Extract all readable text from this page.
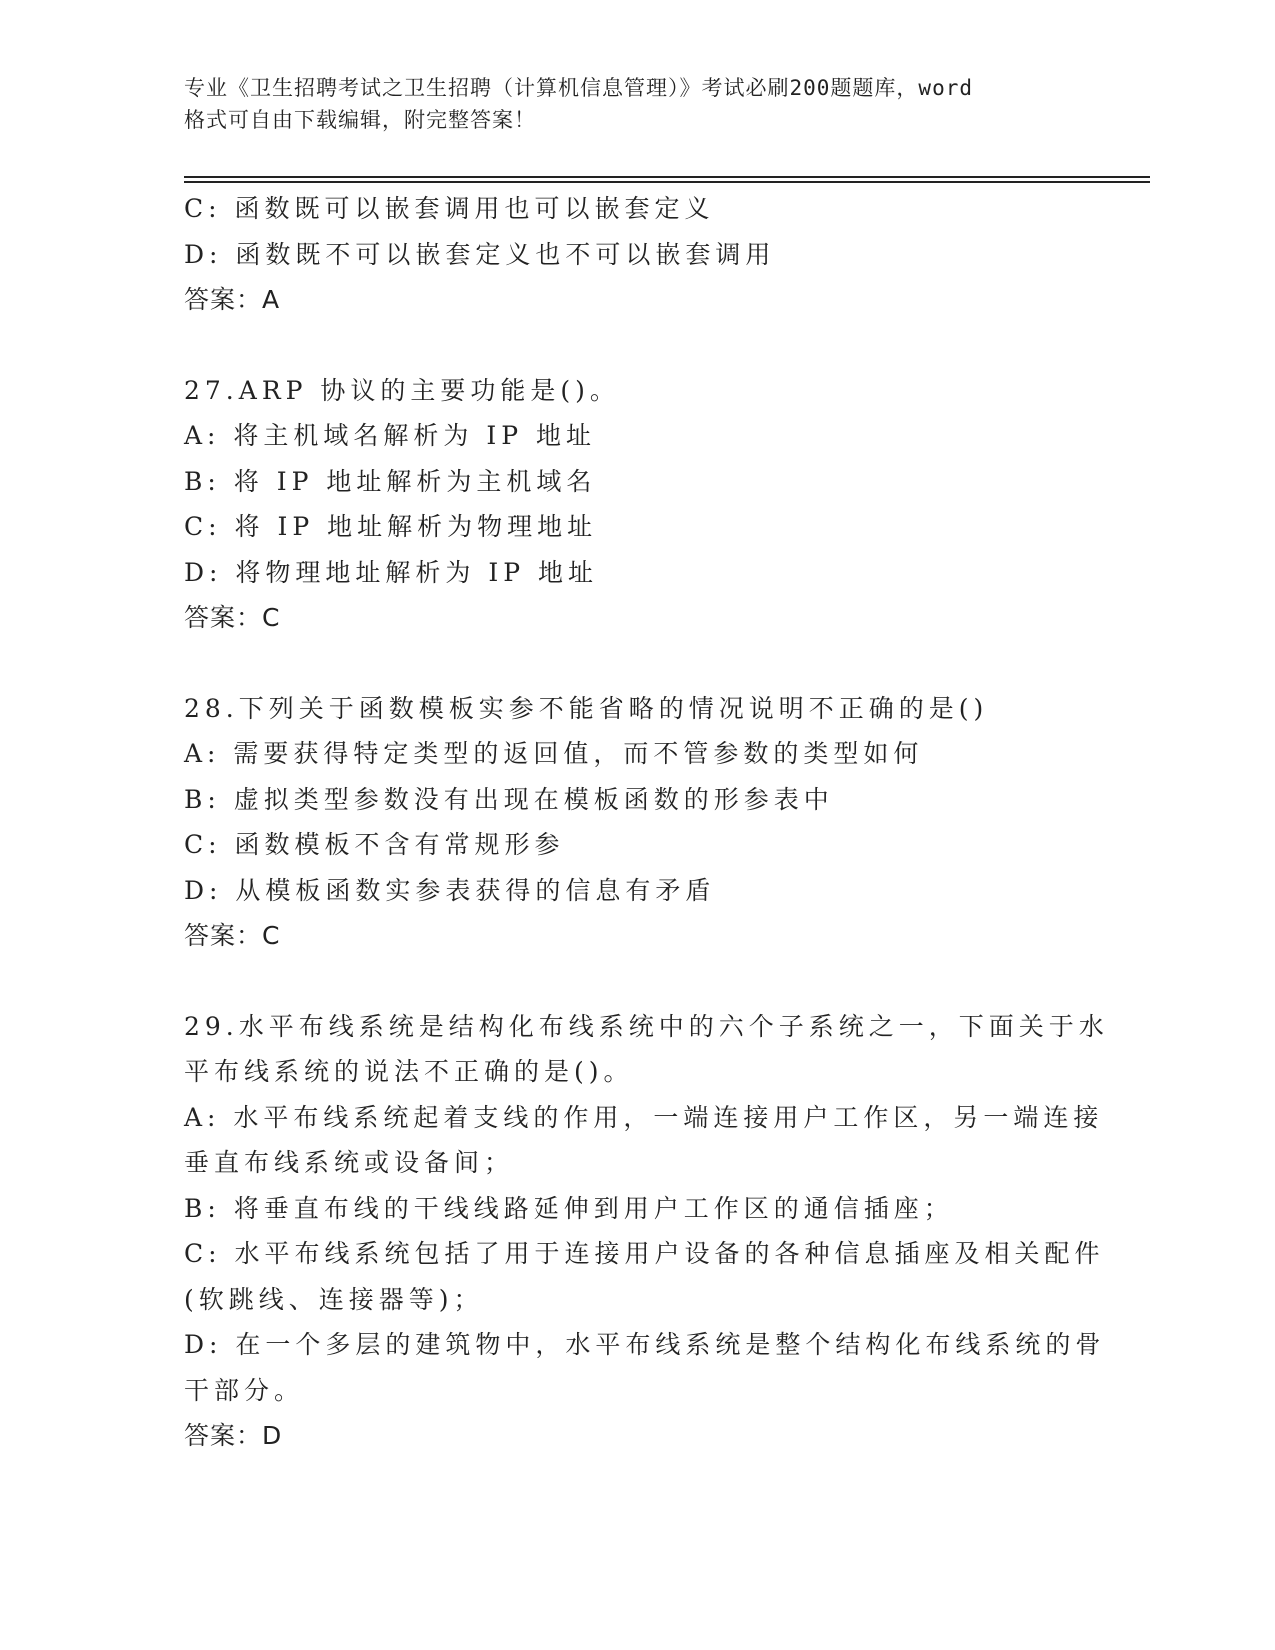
专业《卫生招聘考试之卫生招聘（计算机信息管理）》考试必刷200题题库，word
格式可自由下载编辑，附完整答案！
C: 函数既可以嵌套调用也可以嵌套定义
D: 函数既不可以嵌套定义也不可以嵌套调用
答案：A
27.ARP 协议的主要功能是()。
A: 将主机域名解析为 IP 地址
B: 将 IP 地址解析为主机域名
C: 将 IP 地址解析为物理地址
D: 将物理地址解析为 IP 地址
答案：C
28.下列关于函数模板实参不能省略的情况说明不正确的是()
A: 需要获得特定类型的返回值，而不管参数的类型如何
B: 虚拟类型参数没有出现在模板函数的形参表中
C: 函数模板不含有常规形参
D: 从模板函数实参表获得的信息有矛盾
答案：C
29.水平布线系统是结构化布线系统中的六个子系统之一，下面关于水
平布线系统的说法不正确的是()。
A: 水平布线系统起着支线的作用，一端连接用户工作区，另一端连接
垂直布线系统或设备间；
B: 将垂直布线的干线线路延伸到用户工作区的通信插座；
C: 水平布线系统包括了用于连接用户设备的各种信息插座及相关配件
(软跳线、连接器等)；
D: 在一个多层的建筑物中，水平布线系统是整个结构化布线系统的骨
干部分。
答案：D
